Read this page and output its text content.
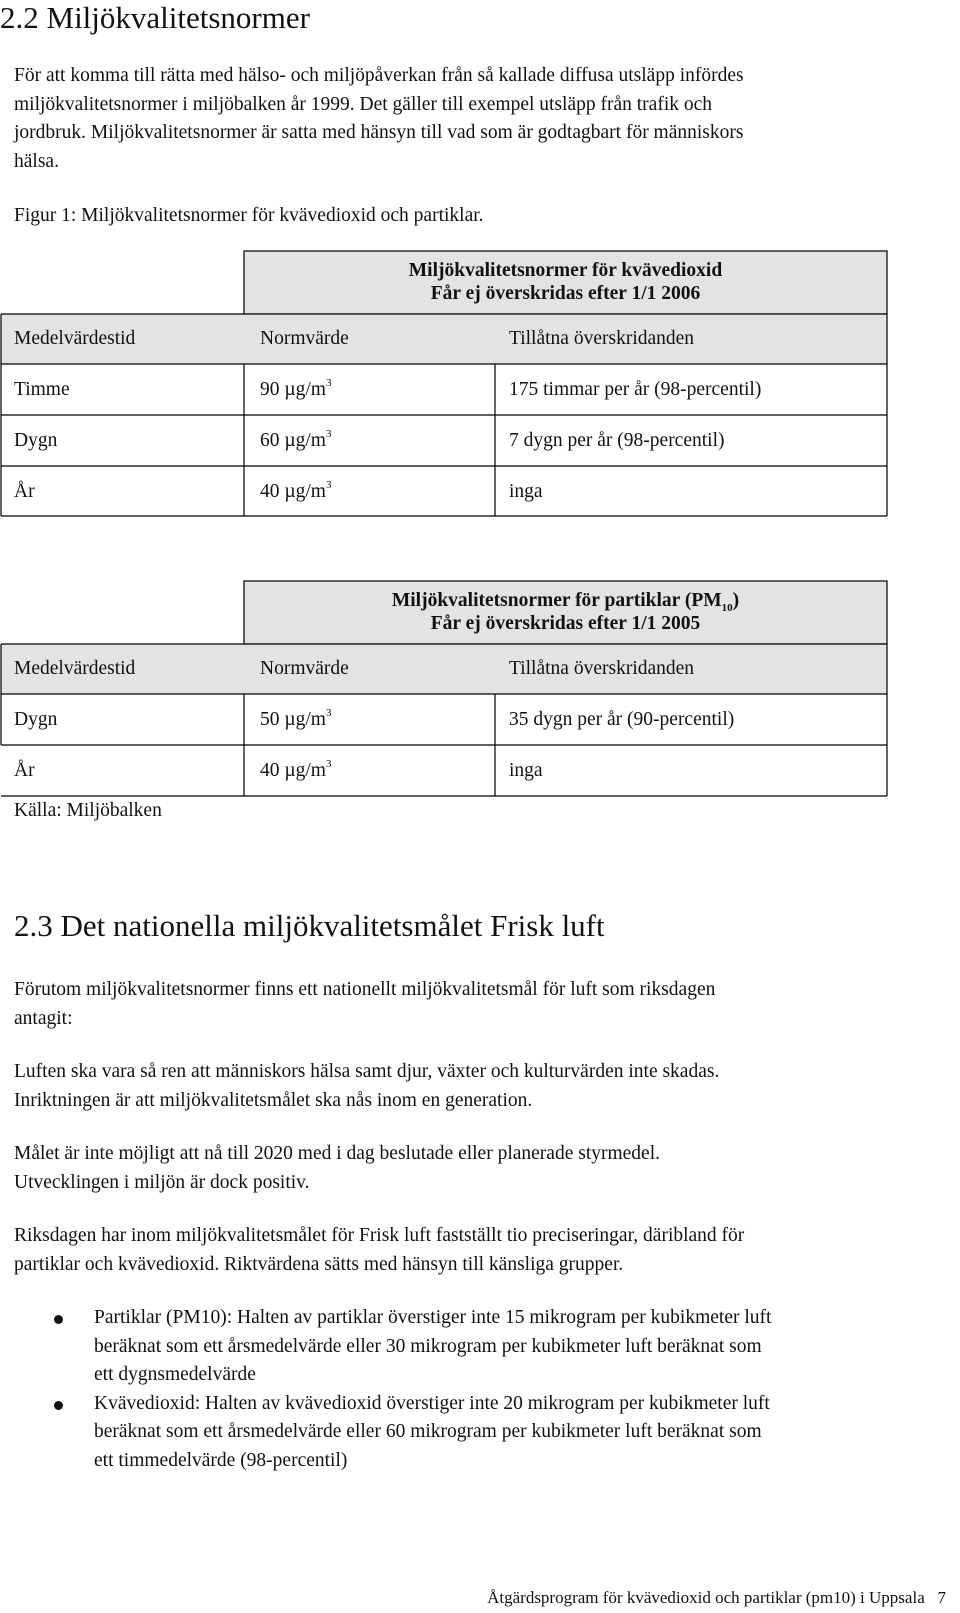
2.2 Miljökvalitetsnormer
För att komma till rätta med hälso- och miljöpåverkan från så kallade diffusa utsläpp infördes
miljökvalitetsnormer i miljöbalken år 1999. Det gäller till exempel utsläpp från trafik och
jordbruk. Miljökvalitetsnormer är satta med hänsyn till vad som är godtagbart för människors
hälsa.
Figur 1: Miljökvalitetsnormer för kvävedioxid och partiklar.
Miljökvalitetsnormer för kvävedioxid
Får ej överskridas efter 1/1 2006
Medelvärdestid	Normvärde	Tillåtna överskridanden
Timme	90 $\mu g/m^3$	175 timmar per år (98-percentil)
Dygn	60 $\mu g/m^3$	7 dygn per år (98-percentil)
År	40 $\mu g/m^3$	inga
Miljökvalitetsnormer för partiklar $(PM_{10})$
Får ej överskridas efter 1/1 2005
Medelvärdestid	Normvärde	Tillåtna överskridanden
Dygn	50 $\mu g/m^3$	35 dygn per år (90-percentil)
År	40 $\mu g/m^3$	inga
Källa: Miljöbalken
2.3 Det nationella miljökvalitetsmålet Frisk luft
Förutom miljökvalitetsnormer finns ett nationellt miljökvalitetsmål för luft som riksdagen
antagit:
Luften ska vara så ren att människors hälsa samt djur, växter och kulturvärden inte skadas.
Inriktningen är att miljökvalitetsmålet ska nås inom en generation.
Målet är inte möjligt att nå till 2020 med i dag beslutade eller planerade styrmedel.
Utvecklingen i miljön är dock positiv.
Riksdagen har inom miljökvalitetsmålet för Frisk luft fastställt tio preciseringar, däribland för
partiklar och kvävedioxid. Riktvärdena sätts med hänsyn till känsliga grupper.
Partiklar (PM10): Halten av partiklar överstiger inte 15 mikrogram per kubikmeter luft
beräknat som ett årsmedelvärde eller 30 mikrogram per kubikmeter luft beräknat som
ett dygnsmedelvärde
Kvävedioxid: Halten av kvävedioxid överstiger inte 20 mikrogram per kubikmeter luft
beräknat som ett årsmedelvärde eller 60 mikrogram per kubikmeter luft beräknat som
ett timmedelvärde (98-percentil)
Åtgärdsprogram för kvävedioxid och partiklar (pm10) i Uppsala 7
